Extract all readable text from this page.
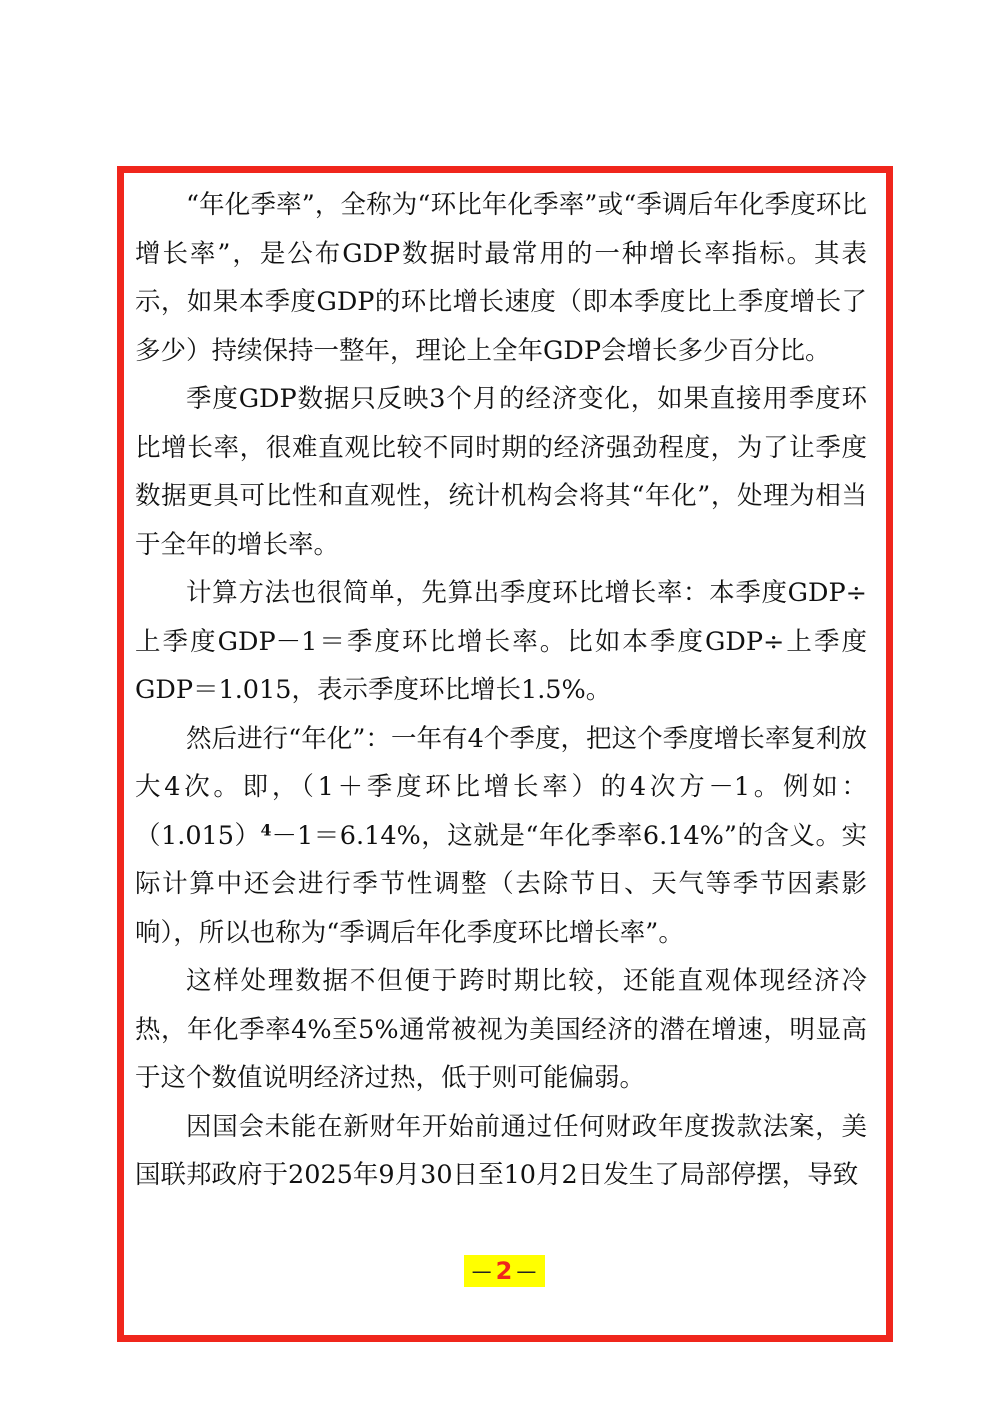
“年化季率”，全称为“环比年化季率”或“季调后年化季度环比增长率”，是公布GDP数据时最常用的一种增长率指标。其表示，如果本季度GDP的环比增长速度（即本季度比上季度增长了多少）持续保持一整年，理论上全年GDP会增长多少百分比。

季度GDP数据只反映3个月的经济变化，如果直接用季度环比增长率，很难直观比较不同时期的经济强劲程度，为了让季度数据更具可比性和直观性，统计机构会将其“年化”，处理为相当于全年的增长率。

计算方法也很简单，先算出季度环比增长率：本季度GDP÷上季度GDP－1＝季度环比增长率。比如本季度GDP÷上季度GDP＝1.015，表示季度环比增长1.5%。

然后进行“年化”：一年有4个季度，把这个季度增长率复利放大4次。即，（1＋季度环比增长率）的4次方－1。例如：$(1.015)^4-1=6.14\%$，这就是“年化季率6.14%”的含义。实际计算中还会进行季节性调整（去除节日、天气等季节因素影响），所以也称为“季调后年化季度环比增长率”。

这样处理数据不但便于跨时期比较，还能直观体现经济冷热，年化季率4%至5%通常被视为美国经济的潜在增速，明显高于这个数值说明经济过热，低于则可能偏弱。

因国会未能在新财年开始前通过任何财政年度拨款法案，美国联邦政府于2025年9月30日至10月2日发生了局部停摆，导致

— 2 —
